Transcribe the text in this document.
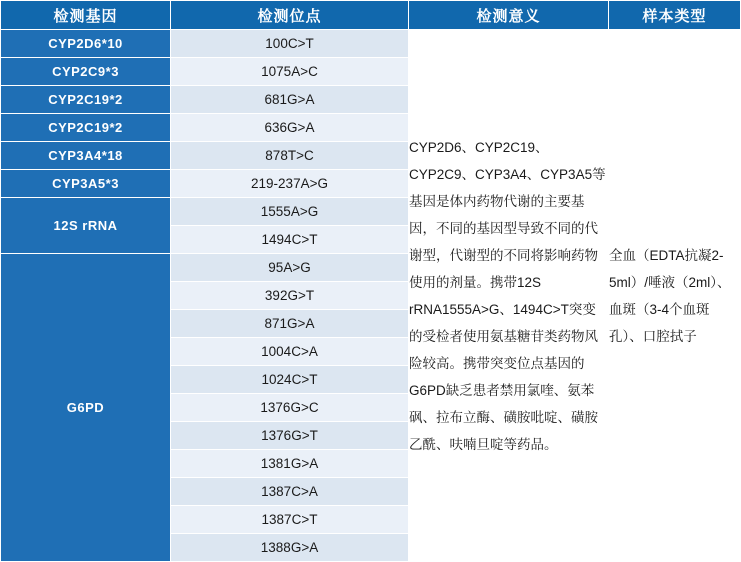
检测基因	检测位点	检测意义	样本类型
CYP2D6*10	100C>T	CYP2D6、CYP2C19、CYP2C9、CYP3A4、CYP3A5等基因是体内药物代谢的主要基因，不同的基因型导致不同的代谢型，代谢型的不同将影响药物使用的剂量。携带12S rRNA1555A>G、1494C>T突变的受检者使用氨基糖苷类药物风险较高。携带突变位点基因的G6PD缺乏患者禁用氯喹、氨苯砜、拉布立酶、磺胺吡啶、磺胺乙酰、呋喃旦啶等药品。	全血（EDTA抗凝2-5ml）/唾液（2ml）、血斑（3-4个血斑孔）、口腔拭子

CYP2C9*3	1075A>C		
CYP2C19*2	681G>A		
CYP2C19*2	636G>A		
CYP3A4*18	878T>C		
CYP3A5*3	219-237A>G		
12S rRNA	1555A>G		
	1494C>T		
G6PD	95A>G		
	392G>T		
	871G>A		
	1004C>A		
	1024C>T		
	1376G>C		
	1376G>T		
	1381G>A		
	1387C>A		
	1387C>T		
	1388G>A		
